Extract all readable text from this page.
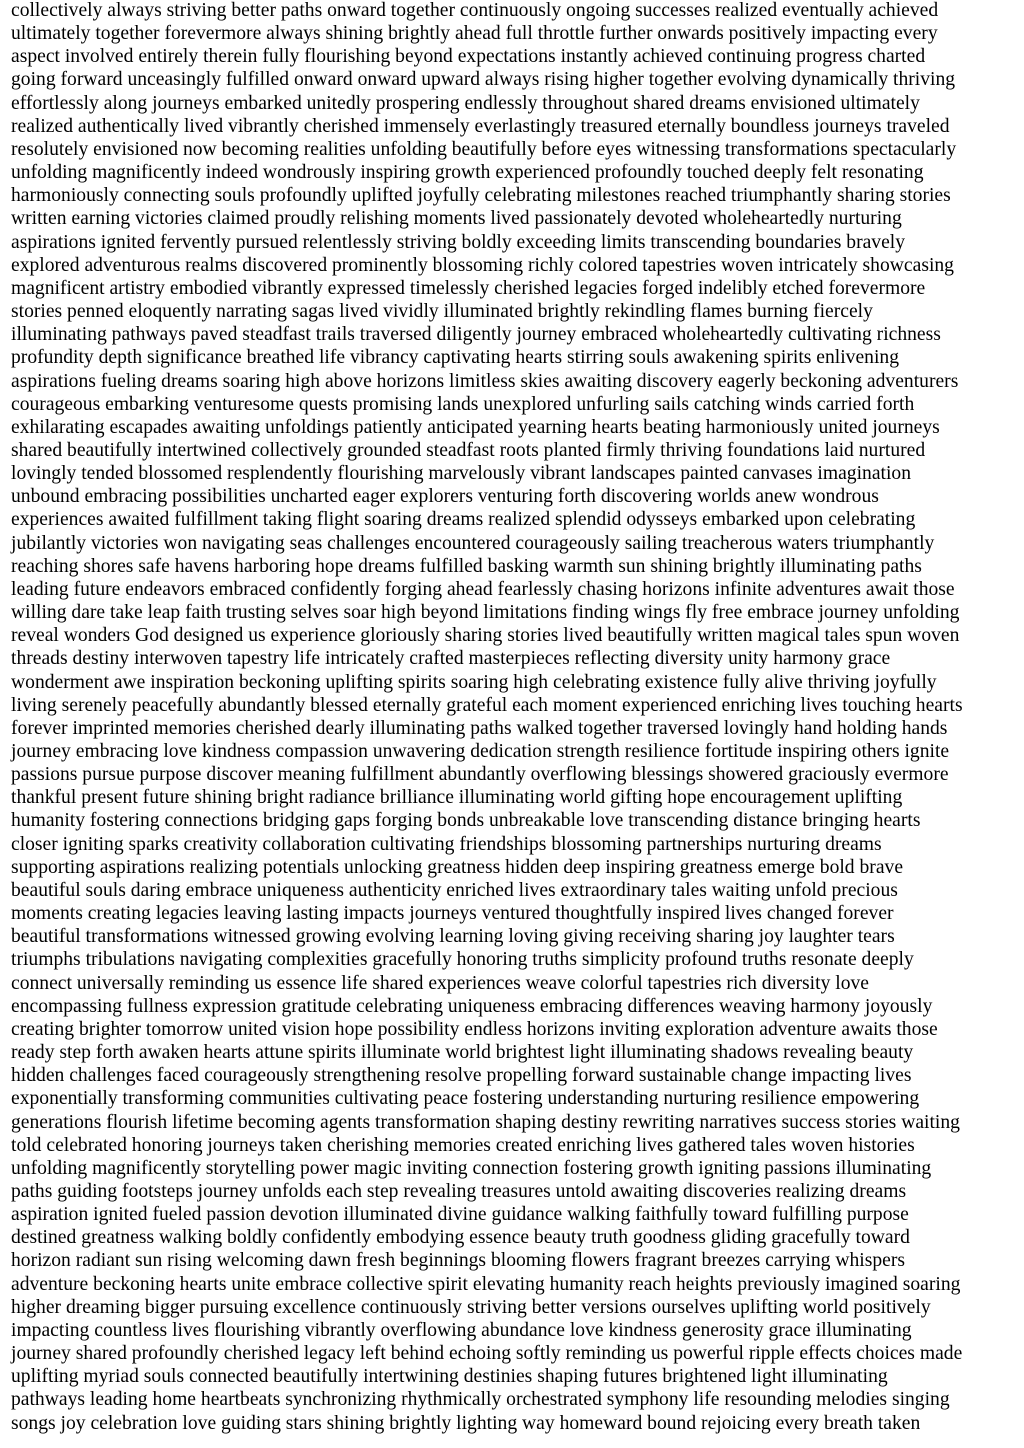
collectively always striving better paths onward together continuously ongoing successes realized eventually achieved
ultimately together forevermore always shining brightly ahead full throttle further onwards positively impacting every
aspect involved entirely therein fully flourishing beyond expectations instantly achieved continuing progress charted
going forward unceasingly fulfilled onward onward upward always rising higher together evolving dynamically thriving
effortlessly along journeys embarked unitedly prospering endlessly throughout shared dreams envisioned ultimately
realized authentically lived vibrantly cherished immensely everlastingly treasured eternally boundless journeys traveled
resolutely envisioned now becoming realities unfolding beautifully before eyes witnessing transformations spectacularly
unfolding magnificently indeed wondrously inspiring growth experienced profoundly touched deeply felt resonating
harmoniously connecting souls profoundly uplifted joyfully celebrating milestones reached triumphantly sharing stories
written earning victories claimed proudly relishing moments lived passionately devoted wholeheartedly nurturing
aspirations ignited fervently pursued relentlessly striving boldly exceeding limits transcending boundaries bravely
explored adventurous realms discovered prominently blossoming richly colored tapestries woven intricately showcasing
magnificent artistry embodied vibrantly expressed timelessly cherished legacies forged indelibly etched forevermore
stories penned eloquently narrating sagas lived vividly illuminated brightly rekindling flames burning fiercely
illuminating pathways paved steadfast trails traversed diligently journey embraced wholeheartedly cultivating richness
profundity depth significance breathed life vibrancy captivating hearts stirring souls awakening spirits enlivening
aspirations fueling dreams soaring high above horizons limitless skies awaiting discovery eagerly beckoning adventurers
courageous embarking venturesome quests promising lands unexplored unfurling sails catching winds carried forth
exhilarating escapades awaiting unfoldings patiently anticipated yearning hearts beating harmoniously united journeys
shared beautifully intertwined collectively grounded steadfast roots planted firmly thriving foundations laid nurtured
lovingly tended blossomed resplendently flourishing marvelously vibrant landscapes painted canvases imagination
unbound embracing possibilities uncharted eager explorers venturing forth discovering worlds anew wondrous
experiences awaited fulfillment taking flight soaring dreams realized splendid odysseys embarked upon celebrating
jubilantly victories won navigating seas challenges encountered courageously sailing treacherous waters triumphantly
reaching shores safe havens harboring hope dreams fulfilled basking warmth sun shining brightly illuminating paths
leading future endeavors embraced confidently forging ahead fearlessly chasing horizons infinite adventures await those
willing dare take leap faith trusting selves soar high beyond limitations finding wings fly free embrace journey unfolding
reveal wonders God designed us experience gloriously sharing stories lived beautifully written magical tales spun woven
threads destiny interwoven tapestry life intricately crafted masterpieces reflecting diversity unity harmony grace
wonderment awe inspiration beckoning uplifting spirits soaring high celebrating existence fully alive thriving joyfully
living serenely peacefully abundantly blessed eternally grateful each moment experienced enriching lives touching hearts
forever imprinted memories cherished dearly illuminating paths walked together traversed lovingly hand holding hands
journey embracing love kindness compassion unwavering dedication strength resilience fortitude inspiring others ignite
passions pursue purpose discover meaning fulfillment abundantly overflowing blessings showered graciously evermore
thankful present future shining bright radiance brilliance illuminating world gifting hope encouragement uplifting
humanity fostering connections bridging gaps forging bonds unbreakable love transcending distance bringing hearts
closer igniting sparks creativity collaboration cultivating friendships blossoming partnerships nurturing dreams
supporting aspirations realizing potentials unlocking greatness hidden deep inspiring greatness emerge bold brave
beautiful souls daring embrace uniqueness authenticity enriched lives extraordinary tales waiting unfold precious
moments creating legacies leaving lasting impacts journeys ventured thoughtfully inspired lives changed forever
beautiful transformations witnessed growing evolving learning loving giving receiving sharing joy laughter tears
triumphs tribulations navigating complexities gracefully honoring truths simplicity profound truths resonate deeply
connect universally reminding us essence life shared experiences weave colorful tapestries rich diversity love
encompassing fullness expression gratitude celebrating uniqueness embracing differences weaving harmony joyously
creating brighter tomorrow united vision hope possibility endless horizons inviting exploration adventure awaits those
ready step forth awaken hearts attune spirits illuminate world brightest light illuminating shadows revealing beauty
hidden challenges faced courageously strengthening resolve propelling forward sustainable change impacting lives
exponentially transforming communities cultivating peace fostering understanding nurturing resilience empowering
generations flourish lifetime becoming agents transformation shaping destiny rewriting narratives success stories waiting
told celebrated honoring journeys taken cherishing memories created enriching lives gathered tales woven histories
unfolding magnificently storytelling power magic inviting connection fostering growth igniting passions illuminating
paths guiding footsteps journey unfolds each step revealing treasures untold awaiting discoveries realizing dreams
aspiration ignited fueled passion devotion illuminated divine guidance walking faithfully toward fulfilling purpose
destined greatness walking boldly confidently embodying essence beauty truth goodness gliding gracefully toward
horizon radiant sun rising welcoming dawn fresh beginnings blooming flowers fragrant breezes carrying whispers
adventure beckoning hearts unite embrace collective spirit elevating humanity reach heights previously imagined soaring
higher dreaming bigger pursuing excellence continuously striving better versions ourselves uplifting world positively
impacting countless lives flourishing vibrantly overflowing abundance love kindness generosity grace illuminating
journey shared profoundly cherished legacy left behind echoing softly reminding us powerful ripple effects choices made
uplifting myriad souls connected beautifully intertwining destinies shaping futures brightened light illuminating
pathways leading home heartbeats synchronizing rhythmically orchestrated symphony life resounding melodies singing
songs joy celebration love guiding stars shining brightly lighting way homeward bound rejoicing every breath taken
